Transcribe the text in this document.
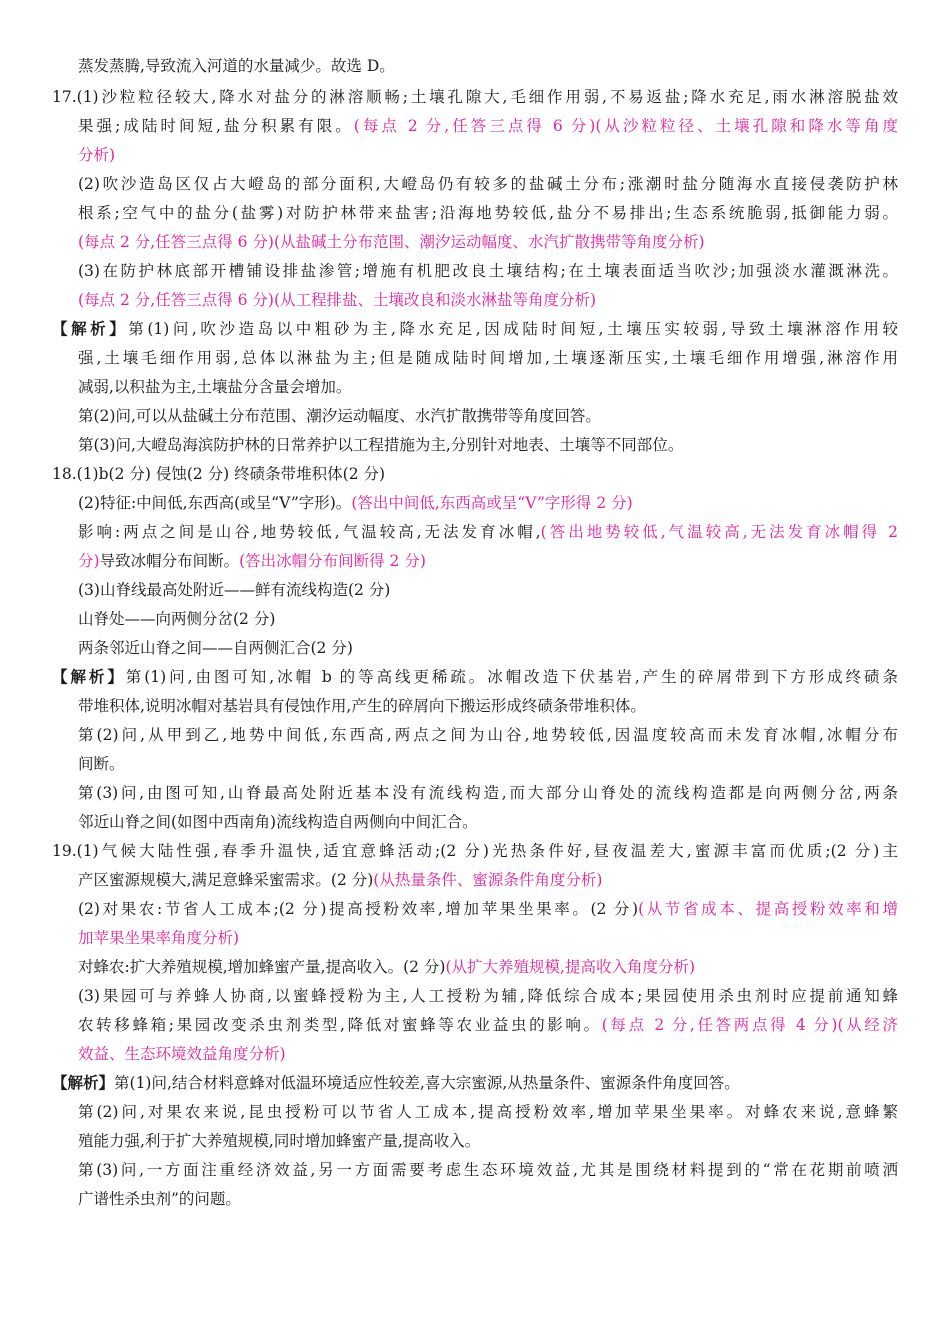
蒸发蒸腾,导致流入河道的水量减少。故选 D。
17.(1)沙粒粒径较大,降水对盐分的淋溶顺畅;土壤孔隙大,毛细作用弱,不易返盐;降水充足,雨水淋溶脱盐效
果强;成陆时间短,盐分积累有限。(每点 2 分,任答三点得 6 分)(从沙粒粒径、土壤孔隙和降水等角度
分析)
(2)吹沙造岛区仅占大嶝岛的部分面积,大嶝岛仍有较多的盐碱土分布;涨潮时盐分随海水直接侵袭防护林
根系;空气中的盐分(盐雾)对防护林带来盐害;沿海地势较低,盐分不易排出;生态系统脆弱,抵御能力弱。
(每点 2 分,任答三点得 6 分)(从盐碱土分布范围、潮汐运动幅度、水汽扩散携带等角度分析)
(3)在防护林底部开槽铺设排盐渗管;增施有机肥改良土壤结构;在土壤表面适当吹沙;加强淡水灌溉淋洗。
(每点 2 分,任答三点得 6 分)(从工程排盐、土壤改良和淡水淋盐等角度分析)
【解析】第(1)问,吹沙造岛以中粗砂为主,降水充足,因成陆时间短,土壤压实较弱,导致土壤淋溶作用较
强,土壤毛细作用弱,总体以淋盐为主;但是随成陆时间增加,土壤逐渐压实,土壤毛细作用增强,淋溶作用
减弱,以积盐为主,土壤盐分含量会增加。
第(2)问,可以从盐碱土分布范围、潮汐运动幅度、水汽扩散携带等角度回答。
第(3)问,大嶝岛海滨防护林的日常养护以工程措施为主,分别针对地表、土壤等不同部位。
18.(1)b(2 分) 侵蚀(2 分) 终碛条带堆积体(2 分)
(2)特征:中间低,东西高(或呈“V”字形)。(答出中间低,东西高或呈“V”字形得 2 分)
影响:两点之间是山谷,地势较低,气温较高,无法发育冰帽,(答出地势较低,气温较高,无法发育冰帽得 2
分)导致冰帽分布间断。(答出冰帽分布间断得 2 分)
(3)山脊线最高处附近——鲜有流线构造(2 分)
山脊处——向两侧分岔(2 分)
两条邻近山脊之间——自两侧汇合(2 分)
【解析】第(1)问,由图可知,冰帽 b 的等高线更稀疏。冰帽改造下伏基岩,产生的碎屑带到下方形成终碛条
带堆积体,说明冰帽对基岩具有侵蚀作用,产生的碎屑向下搬运形成终碛条带堆积体。
第(2)问,从甲到乙,地势中间低,东西高,两点之间为山谷,地势较低,因温度较高而未发育冰帽,冰帽分布
间断。
第(3)问,由图可知,山脊最高处附近基本没有流线构造,而大部分山脊处的流线构造都是向两侧分岔,两条
邻近山脊之间(如图中西南角)流线构造自两侧向中间汇合。
19.(1)气候大陆性强,春季升温快,适宜意蜂活动;(2 分)光热条件好,昼夜温差大,蜜源丰富而优质;(2 分)主
产区蜜源规模大,满足意蜂采蜜需求。(2 分)(从热量条件、蜜源条件角度分析)
(2)对果农:节省人工成本;(2 分)提高授粉效率,增加苹果坐果率。(2 分)(从节省成本、提高授粉效率和增
加苹果坐果率角度分析)
对蜂农:扩大养殖规模,增加蜂蜜产量,提高收入。(2 分)(从扩大养殖规模,提高收入角度分析)
(3)果园可与养蜂人协商,以蜜蜂授粉为主,人工授粉为辅,降低综合成本;果园使用杀虫剂时应提前通知蜂
农转移蜂箱;果园改变杀虫剂类型,降低对蜜蜂等农业益虫的影响。(每点 2 分,任答两点得 4 分)(从经济
效益、生态环境效益角度分析)
【解析】第(1)问,结合材料意蜂对低温环境适应性较差,喜大宗蜜源,从热量条件、蜜源条件角度回答。
第(2)问,对果农来说,昆虫授粉可以节省人工成本,提高授粉效率,增加苹果坐果率。对蜂农来说,意蜂繁
殖能力强,利于扩大养殖规模,同时增加蜂蜜产量,提高收入。
第(3)问,一方面注重经济效益,另一方面需要考虑生态环境效益,尤其是围绕材料提到的“常在花期前喷洒
广谱性杀虫剂”的问题。
